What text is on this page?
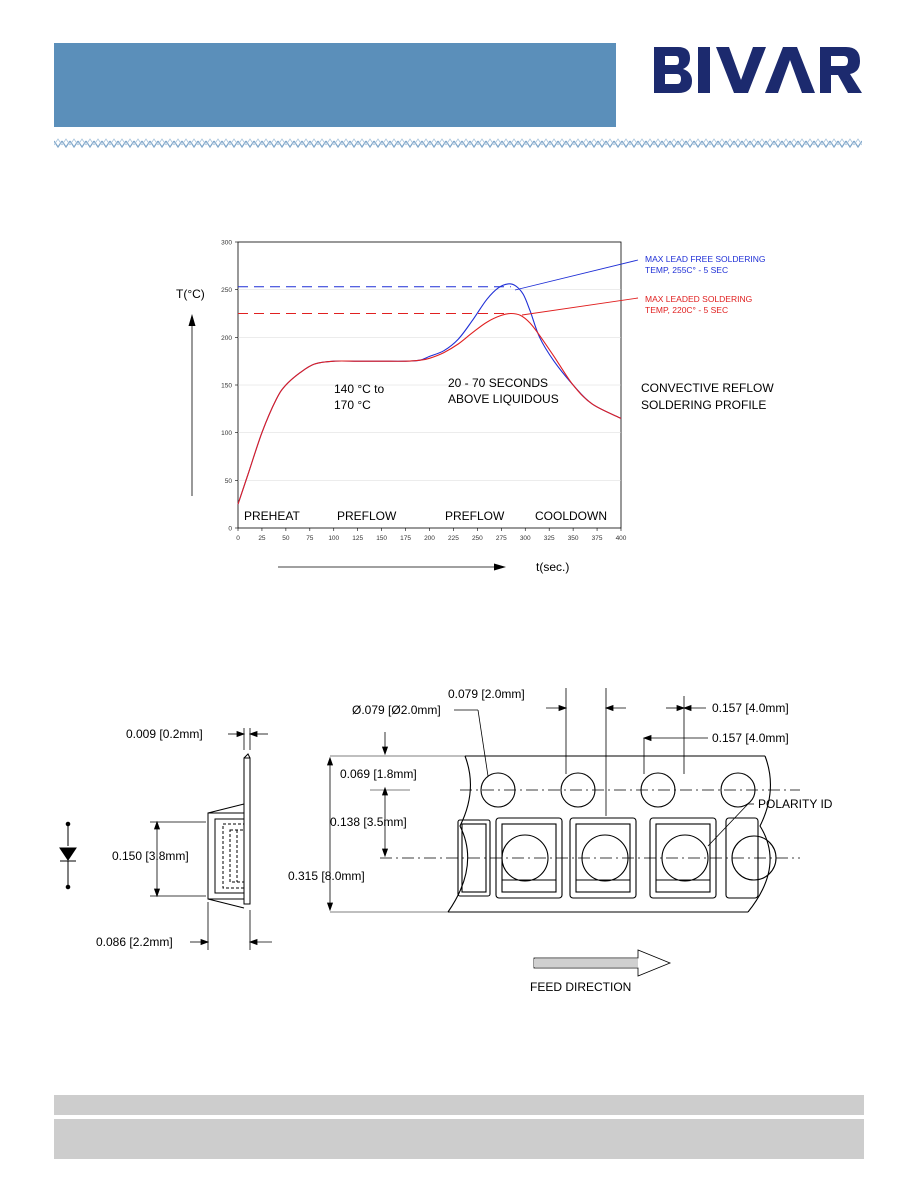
BIVAR
0
50
100
150
200
250
300
0	25	50	75 100 125 150 175 200 225 250 275 300 325 350 375 400
T(°C)
t(sec.)
140 °C to
170 °C
20 - 70 SECONDS
ABOVE LIQUIDOUS
CONVECTIVE REFLOW
SOLDERING PROFILE
MAX LEAD FREE SOLDERING
TEMP, 255C° - 5 SEC
MAX LEADED SOLDERING
TEMP, 220C° - 5 SEC
PREHEAT	PREFLOW	PREFLOW	COOLDOWN
0.009 [0.2mm]
0.150 [3.8mm]
0.086 [2.2mm]
Ø.079 [Ø2.0mm]
0.079 [2.0mm]
0.157 [4.0mm]
0.157 [4.0mm]
0.069 [1.8mm]
0.138 [3.5mm]
0.315 [8.0mm]
POLARITY ID
FEED DIRECTION
